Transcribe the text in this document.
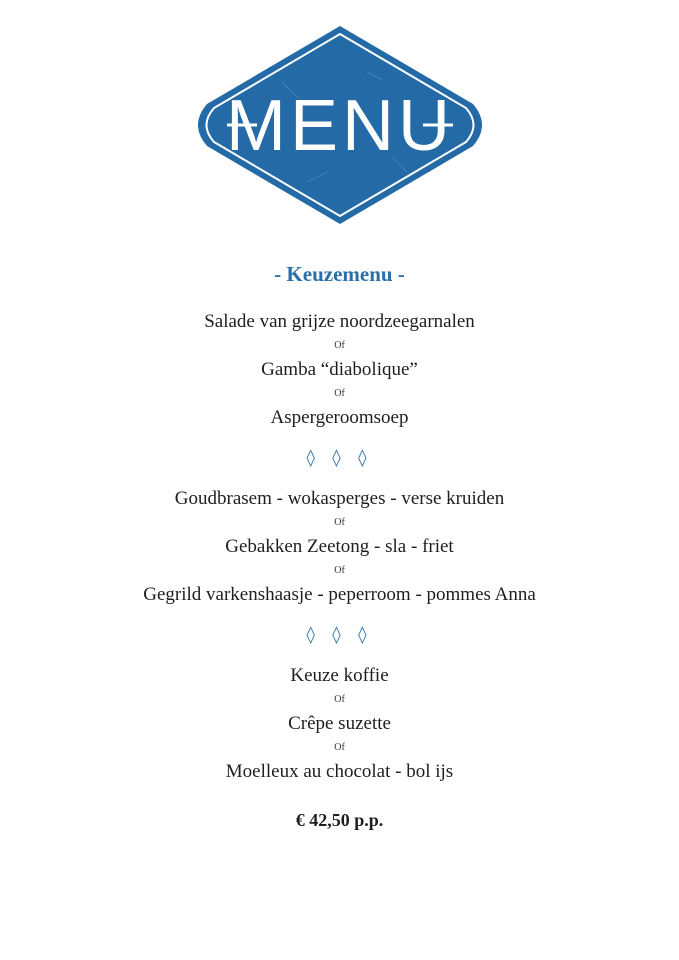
MENU
- Keuzemenu -
Salade van grijze noordzeegarnalen
Of
Gamba “diabolique”
Of
Aspergeroomsoep
◊ ◊ ◊
Goudbrasem - wokasperges - verse kruiden
Of
Gebakken Zeetong - sla - friet
Of
Gegrild varkenshaasje - peperroom - pommes Anna
◊ ◊ ◊
Keuze koffie
Of
Crêpe suzette
Of
Moelleux au chocolat - bol ijs
€ 42,50 p.p.
